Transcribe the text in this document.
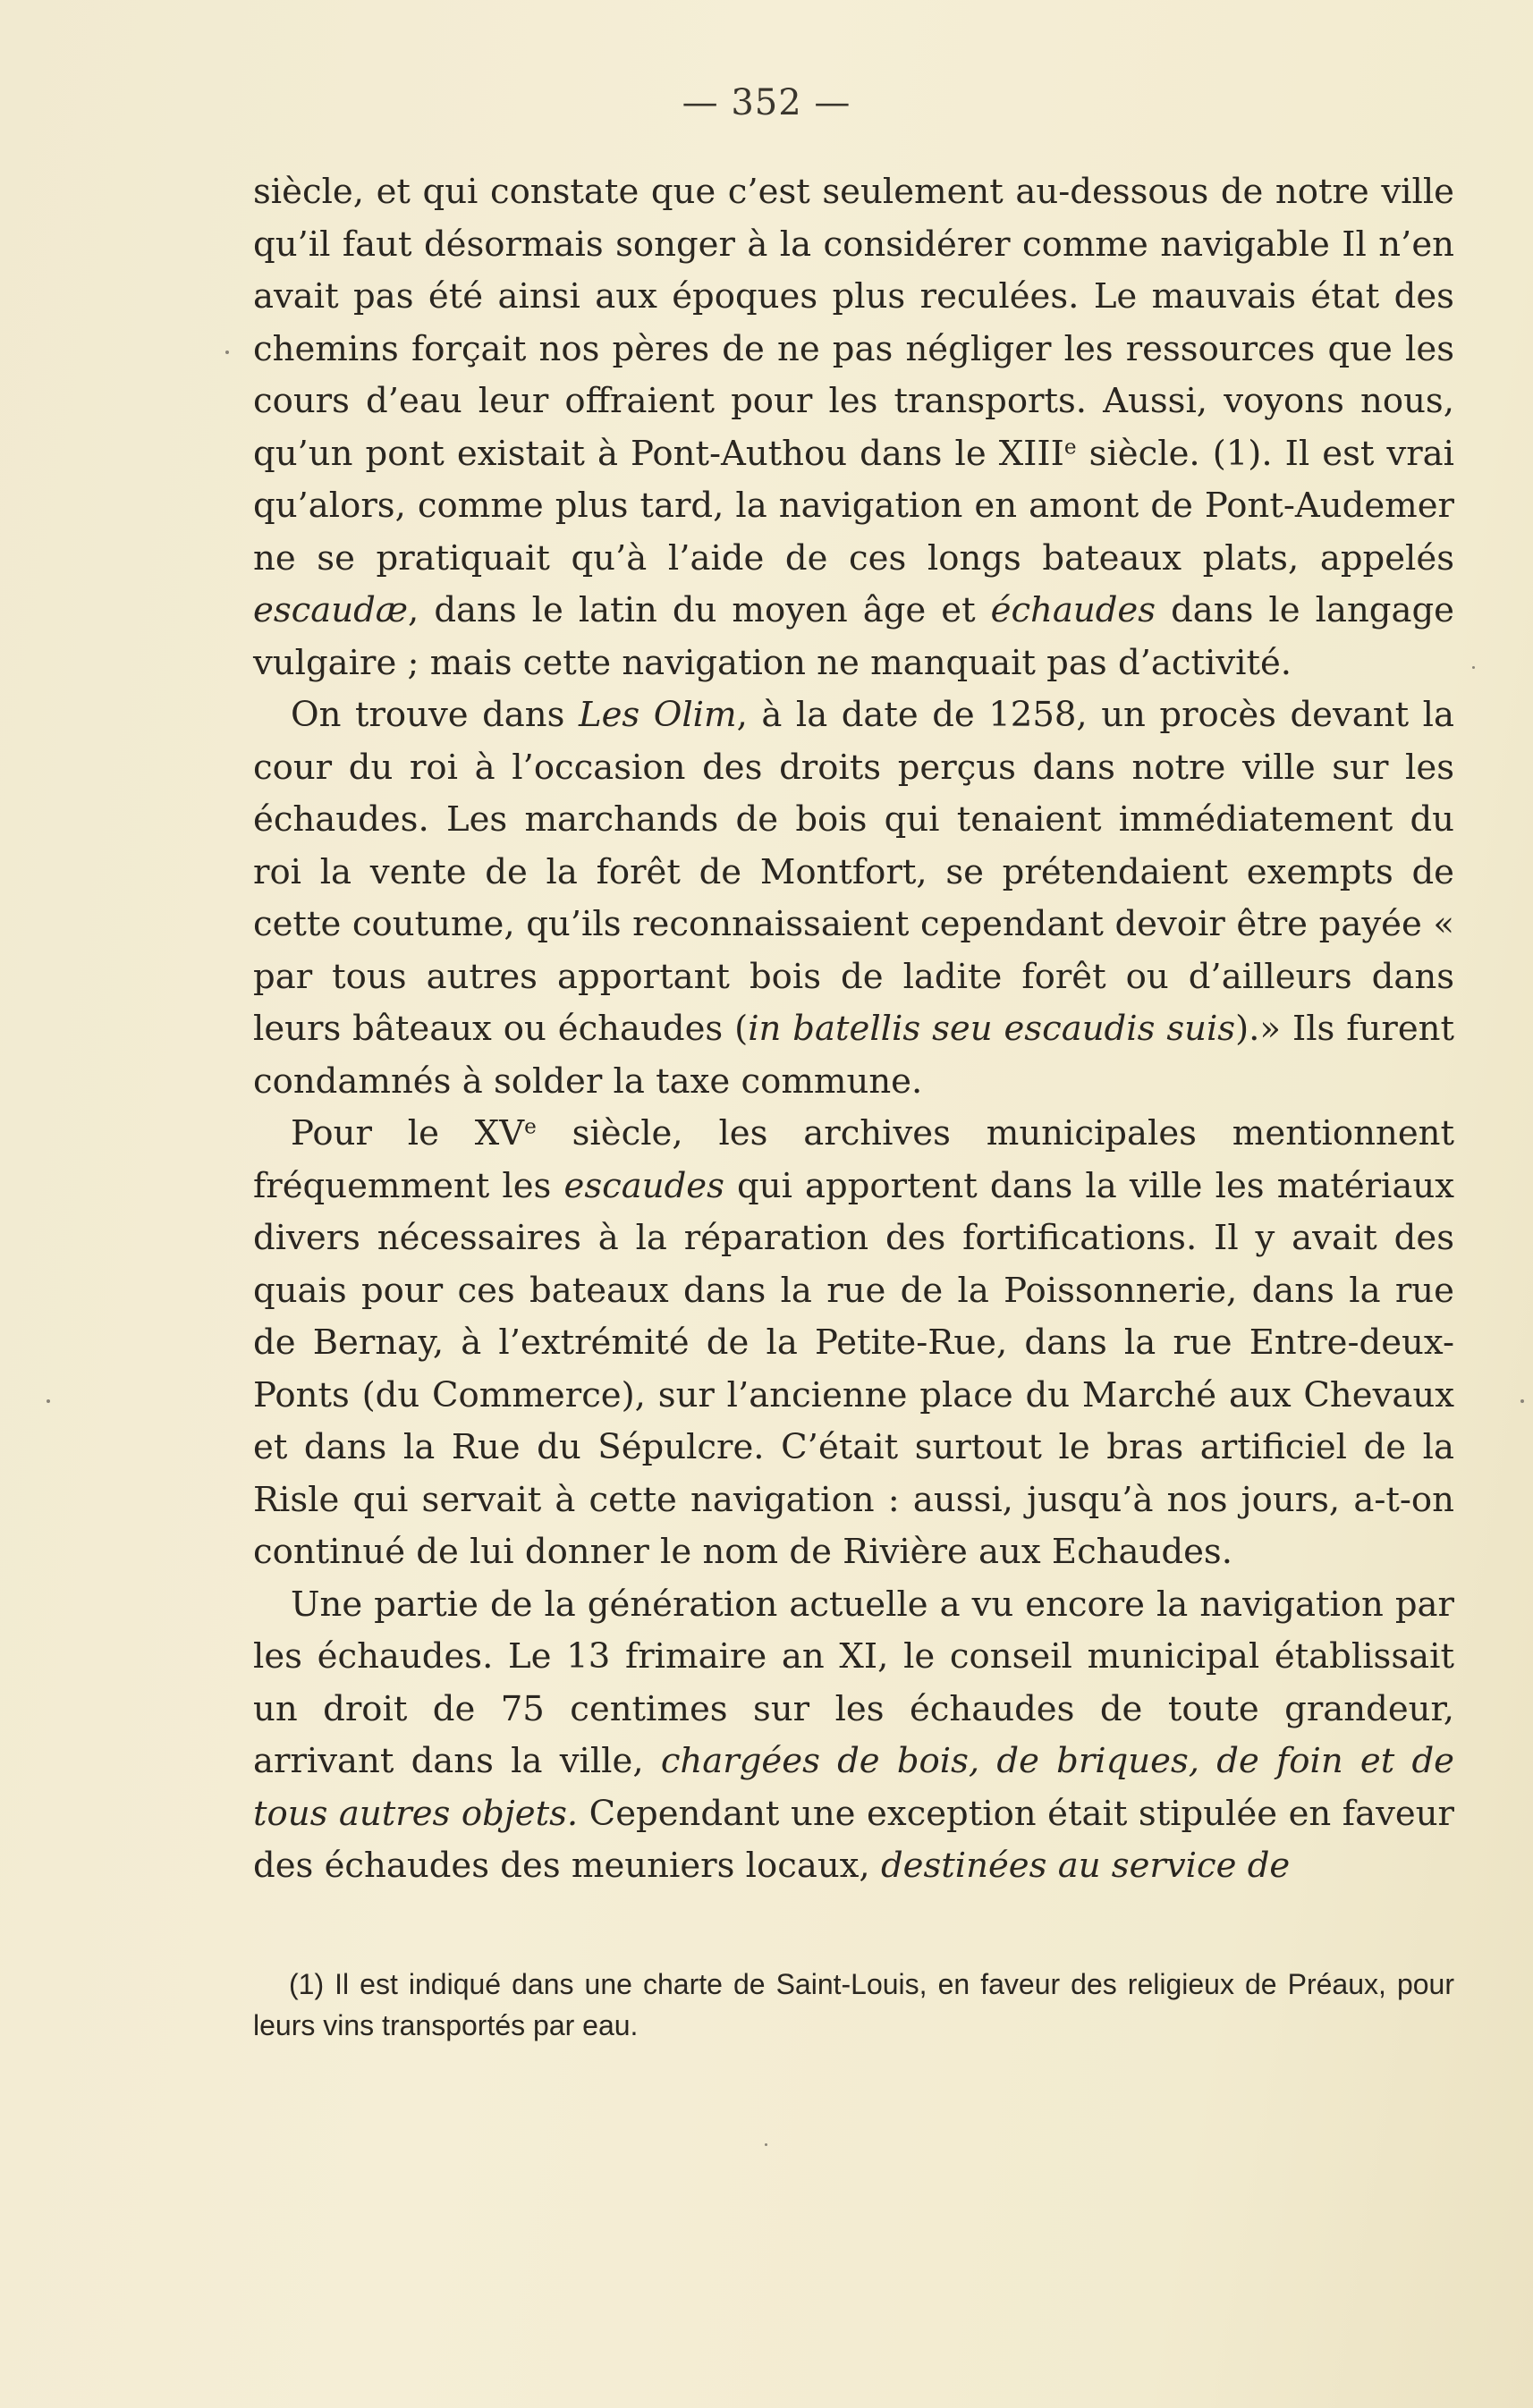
— 352 —

siècle, et qui constate que c’est seulement au-dessous de notre ville qu’il faut désormais songer à la considérer comme navigable Il n’en avait pas été ainsi aux époques plus reculées. Le mauvais état des chemins forçait nos pères de ne pas négliger les ressources que les cours d’eau leur offraient pour les transports. Aussi, voyons nous, qu’un pont existait à Pont-Authou dans le XIIIe siècle. (1). Il est vrai qu’alors, comme plus tard, la navigation en amont de Pont-Audemer ne se pratiquait qu’à l’aide de ces longs bateaux plats, appelés escaudæ, dans le latin du moyen âge et échaudes dans le langage vulgaire ; mais cette navigation ne manquait pas d’activité.

On trouve dans Les Olim, à la date de 1258, un procès devant la cour du roi à l’occasion des droits perçus dans notre ville sur les échaudes. Les marchands de bois qui tenaient immédiatement du roi la vente de la forêt de Montfort, se prétendaient exempts de cette coutume, qu’ils reconnaissaient cependant devoir être payée « par tous autres apportant bois de ladite forêt ou d’ailleurs dans leurs bâteaux ou échaudes (in batellis seu escaudis suis).» Ils furent condamnés à solder la taxe commune.

Pour le XVe siècle, les archives municipales mentionnent fréquemment les escaudes qui apportent dans la ville les matériaux divers nécessaires à la réparation des fortifications. Il y avait des quais pour ces bateaux dans la rue de la Poissonnerie, dans la rue de Bernay, à l’extrémité de la Petite-Rue, dans la rue Entre-deux-Ponts (du Commerce), sur l’ancienne place du Marché aux Chevaux et dans la Rue du Sépulcre. C’était surtout le bras artificiel de la Risle qui servait à cette navigation : aussi, jusqu’à nos jours, a-t-on continué de lui donner le nom de Rivière aux Echaudes.

Une partie de la génération actuelle a vu encore la navigation par les échaudes. Le 13 frimaire an XI, le conseil municipal établissait un droit de 75 centimes sur les échaudes de toute grandeur, arrivant dans la ville, chargées de bois, de briques, de foin et de tous autres objets. Cependant une exception était stipulée en faveur des échaudes des meuniers locaux, destinées au service de

(1) Il est indiqué dans une charte de Saint-Louis, en faveur des religieux de Préaux, pour leurs vins transportés par eau.
